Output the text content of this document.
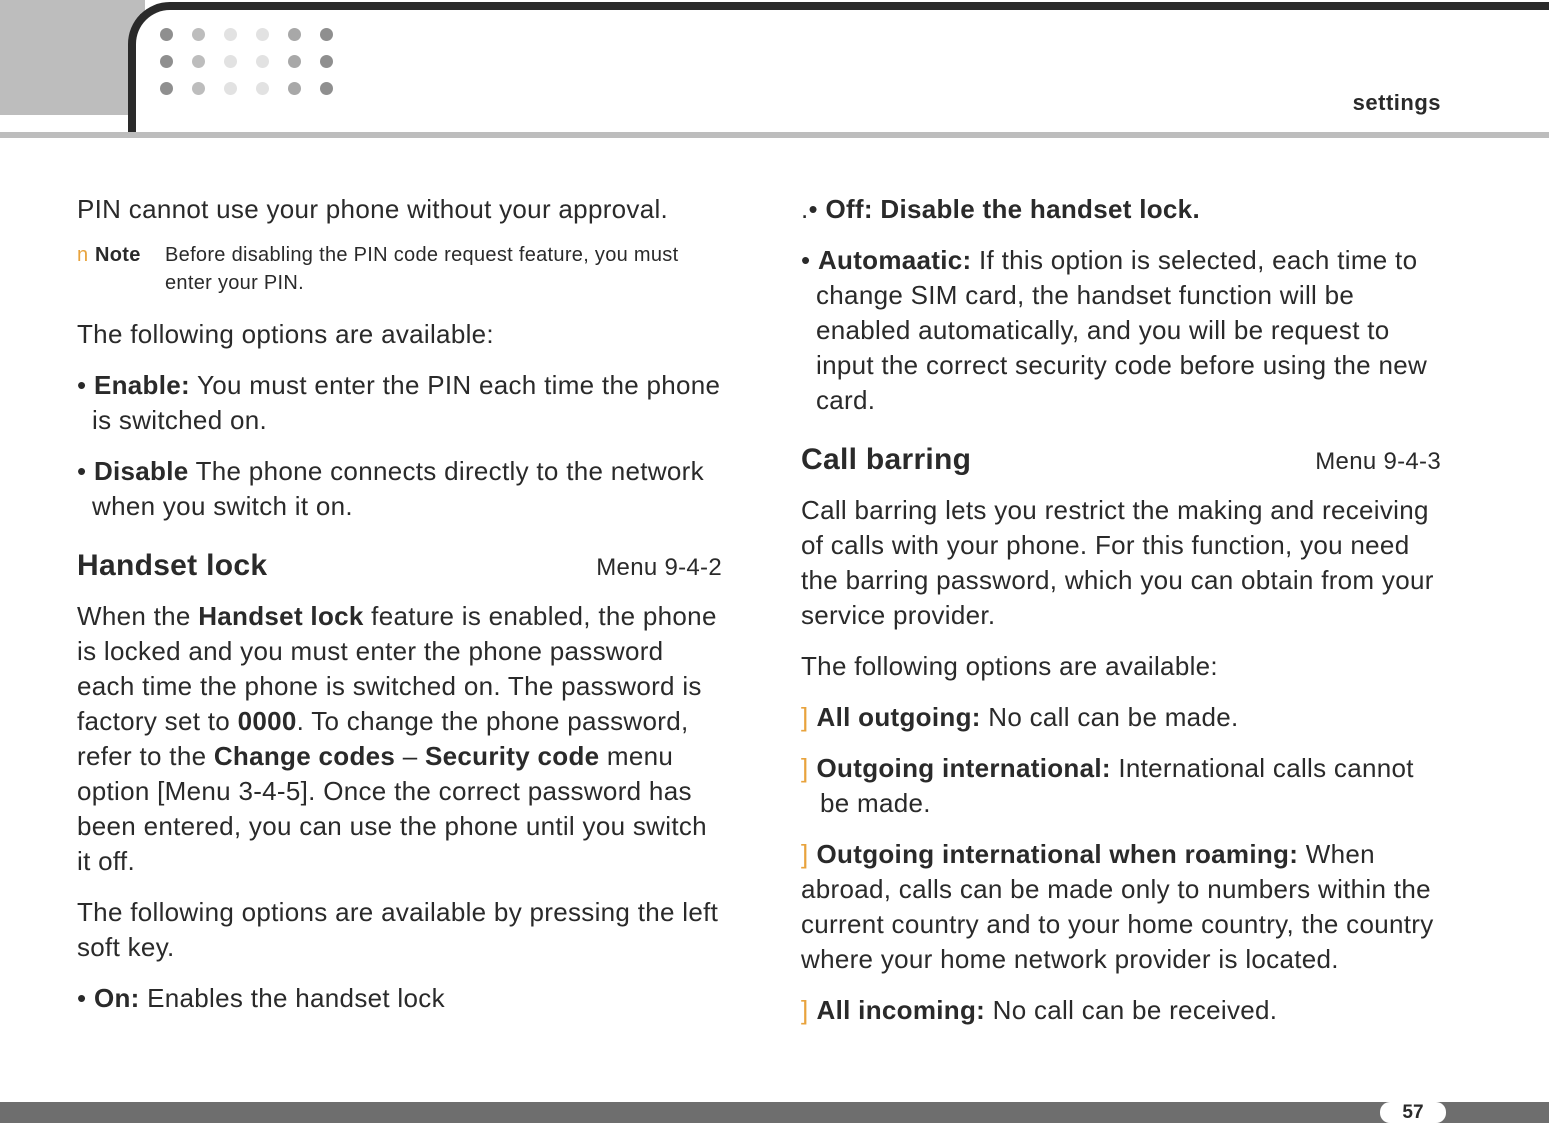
settings

PIN cannot use your phone without your approval.

n Note	Before disabling the PIN code request feature, you must enter your PIN.

The following options are available:

• Enable: You must enter the PIN each time the phone is switched on.

• Disable The phone connects directly to the network when you switch it on.

Handset lock	Menu 9-4-2

When the Handset lock feature is enabled, the phone is locked and you must enter the phone password each time the phone is switched on. The password is factory set to 0000. To change the phone password, refer to the Change codes – Security code menu option [Menu 3-4-5]. Once the correct password has been entered, you can use the phone until you switch it off.

The following options are available by pressing the left soft key.

• On: Enables the handset lock

.• Off: Disable the handset lock.

• Automaatic: If this option is selected, each time to change SIM card, the handset function will be enabled automatically, and you will be request to input the correct security code before using the new card.

Call barring	Menu 9-4-3

Call barring lets you restrict the making and receiving of calls with your phone. For this function, you need the barring password, which you can obtain from your service provider.

The following options are available:

] All outgoing: No call can be made.

] Outgoing international: International calls cannot be made.

] Outgoing international when roaming: When abroad, calls can be made only to numbers within the current country and to your home country, the country where your home network provider is located.

] All incoming: No call can be received.

57
